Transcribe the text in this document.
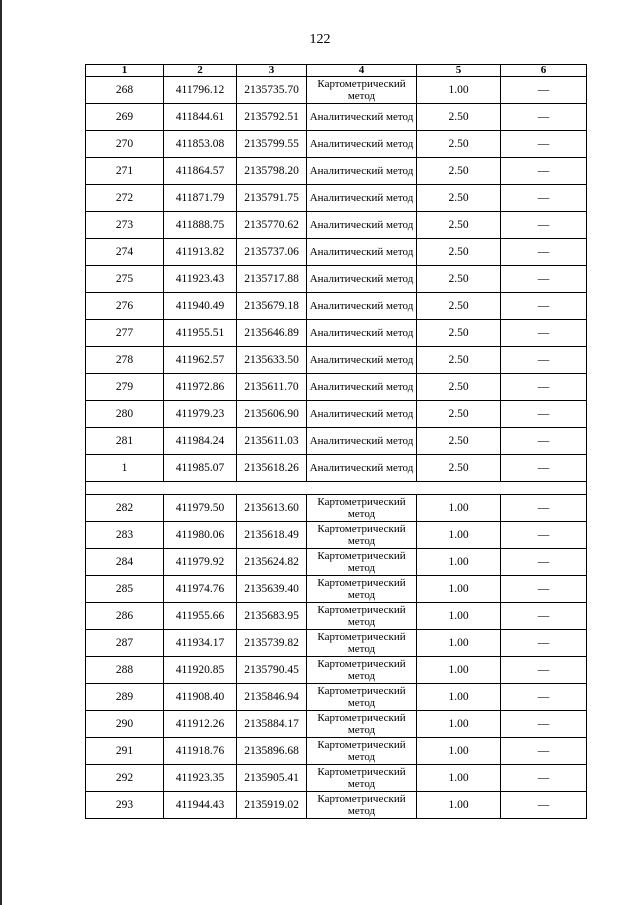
122
1	2	3	4	5	6
268	411796.12	2135735.70	Картометрический метод	1.00	—
269	411844.61	2135792.51	Аналитический метод	2.50	—
270	411853.08	2135799.55	Аналитический метод	2.50	—
271	411864.57	2135798.20	Аналитический метод	2.50	—
272	411871.79	2135791.75	Аналитический метод	2.50	—
273	411888.75	2135770.62	Аналитический метод	2.50	—
274	411913.82	2135737.06	Аналитический метод	2.50	—
275	411923.43	2135717.88	Аналитический метод	2.50	—
276	411940.49	2135679.18	Аналитический метод	2.50	—
277	411955.51	2135646.89	Аналитический метод	2.50	—
278	411962.57	2135633.50	Аналитический метод	2.50	—
279	411972.86	2135611.70	Аналитический метод	2.50	—
280	411979.23	2135606.90	Аналитический метод	2.50	—
281	411984.24	2135611.03	Аналитический метод	2.50	—
1	411985.07	2135618.26	Аналитический метод	2.50	—

282	411979.50	2135613.60	Картометрический метод	1.00	—
283	411980.06	2135618.49	Картометрический метод	1.00	—
284	411979.92	2135624.82	Картометрический метод	1.00	—
285	411974.76	2135639.40	Картометрический метод	1.00	—
286	411955.66	2135683.95	Картометрический метод	1.00	—
287	411934.17	2135739.82	Картометрический метод	1.00	—
288	411920.85	2135790.45	Картометрический метод	1.00	—
289	411908.40	2135846.94	Картометрический метод	1.00	—
290	411912.26	2135884.17	Картометрический метод	1.00	—
291	411918.76	2135896.68	Картометрический метод	1.00	—
292	411923.35	2135905.41	Картометрический метод	1.00	—
293	411944.43	2135919.02	Картометрический метод	1.00	—
